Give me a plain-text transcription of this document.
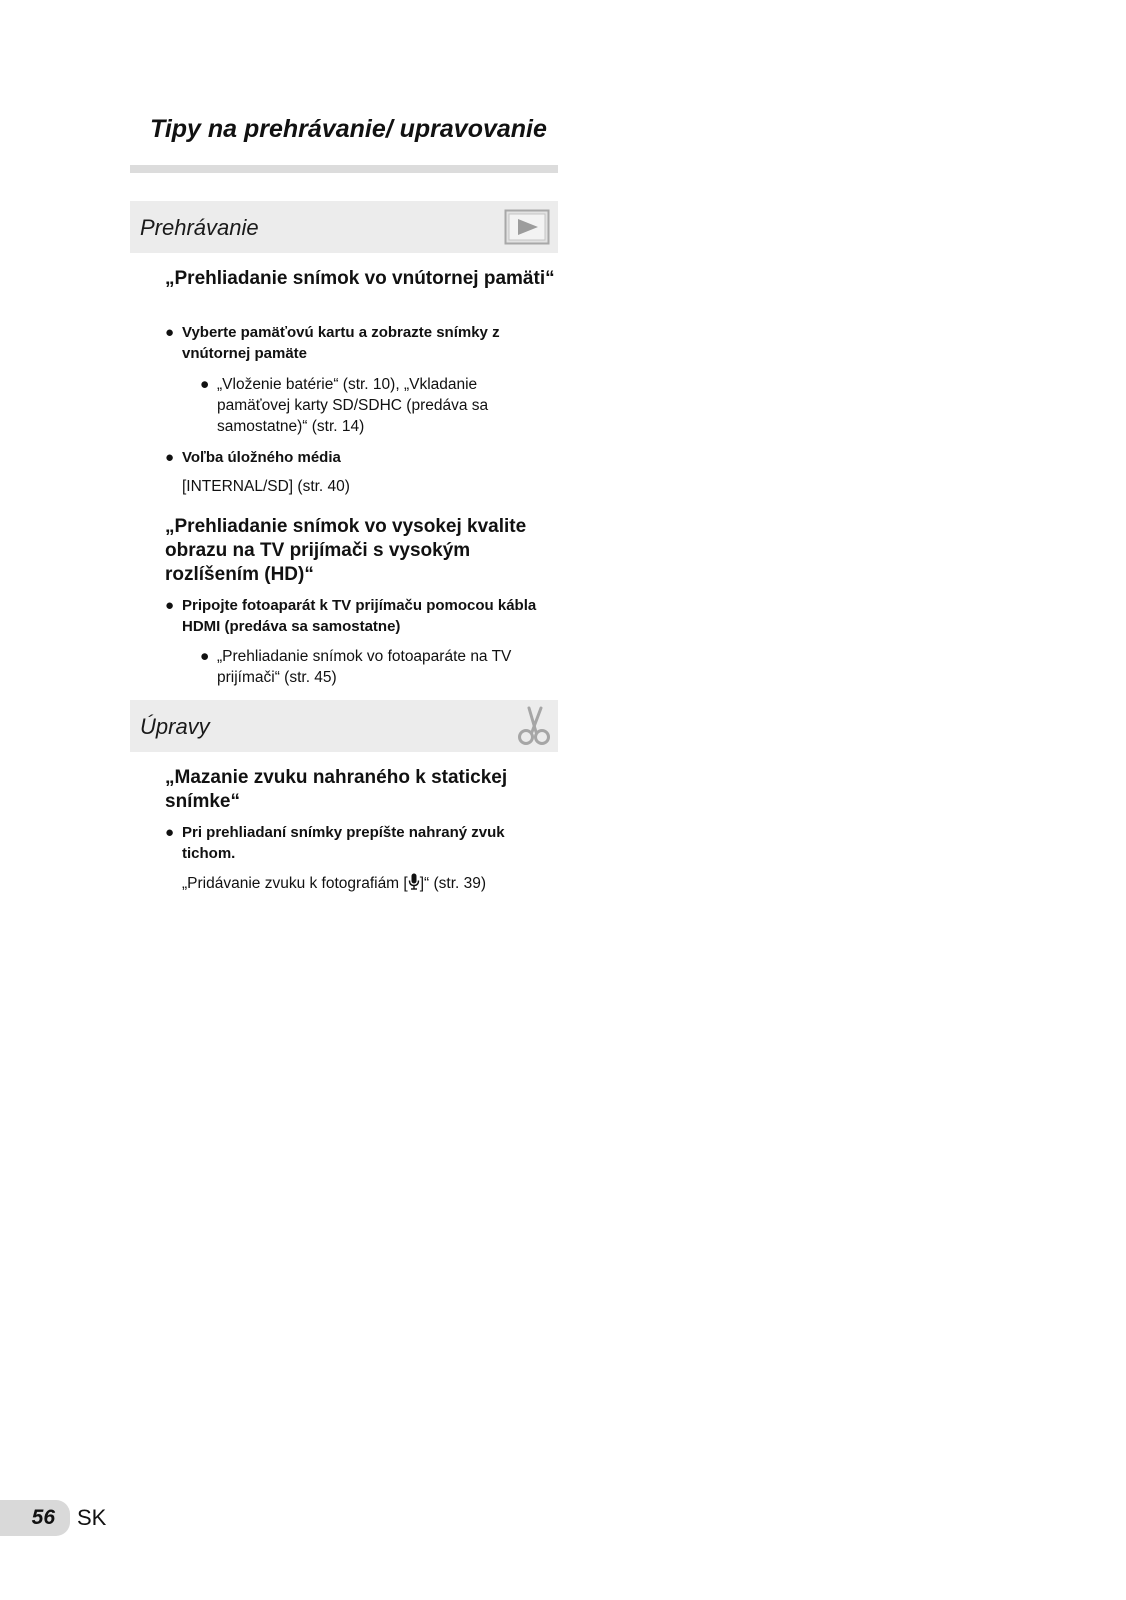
Tipy na prehrávanie/ upravovanie
Prehrávanie
„Prehliadanie snímok vo vnútornej pamäti“
● Vyberte pamäťovú kartu a zobrazte snímky z vnútornej pamäte
● „Vloženie batérie“ (str. 10), „Vkladanie pamäťovej karty SD/SDHC (predáva sa samostatne)“ (str. 14)
● Voľba úložného média
[INTERNAL/SD] (str. 40)
„Prehliadanie snímok vo vysokej kvalite obrazu na TV prijímači s vysokým rozlíšením (HD)“
● Pripojte fotoaparát k TV prijímaču pomocou kábla HDMI (predáva sa samostatne)
● „Prehliadanie snímok vo fotoaparáte na TV prijímači“ (str. 45)
Úpravy
„Mazanie zvuku nahraného k statickej snímke“
● Pri prehliadaní snímky prepíšte nahraný zvuk tichom.
„Pridávanie zvuku k fotografiám [ ]“ (str. 39)
56 SK
